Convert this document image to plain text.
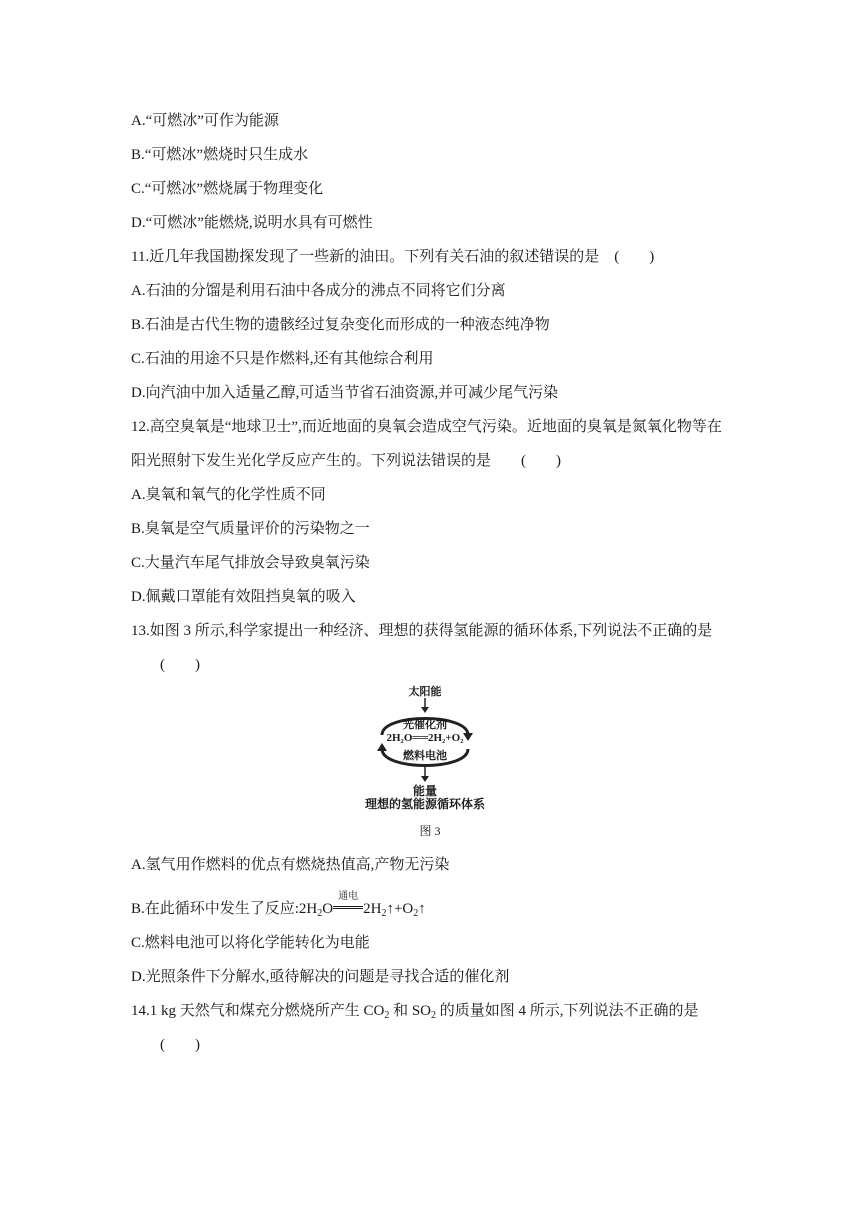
A.“可燃冰”可作为能源
B.“可燃冰”燃烧时只生成水
C.“可燃冰”燃烧属于物理变化
D.“可燃冰”能燃烧,说明水具有可燃性
11.近几年我国勘探发现了一些新的油田。下列有关石油的叙述错误的是　(　　)
A.石油的分馏是利用石油中各成分的沸点不同将它们分离
B.石油是古代生物的遗骸经过复杂变化而形成的一种液态纯净物
C.石油的用途不只是作燃料,还有其他综合利用
D.向汽油中加入适量乙醇,可适当节省石油资源,并可减少尾气污染
12.高空臭氧是“地球卫士”,而近地面的臭氧会造成空气污染。近地面的臭氧是氮氧化物等在
阳光照射下发生光化学反应产生的。下列说法错误的是　　(　　)
A.臭氧和氧气的化学性质不同
B.臭氧是空气质量评价的污染物之一
C.大量汽车尾气排放会导致臭氧污染
D.佩戴口罩能有效阻挡臭氧的吸入
13.如图 3 所示,科学家提出一种经济、理想的获得氢能源的循环体系,下列说法不正确的是
(　　)
太阳能
光催化剂
2H₂O══2H₂+O₂
燃料电池
能量
理想的氢能源循环体系
图 3
A.氢气用作燃料的优点有燃烧热值高,产物无污染
B.在此循环中发生了反应$:2H_2O$
通电
$2H_2↑+O_2↑$
C.燃料电池可以将化学能转化为电能
D.光照条件下分解水,亟待解决的问题是寻找合适的催化剂
14.1 kg 天然气和煤充分燃烧所产生 $CO_2$ 和 $SO_2$ 的质量如图 4 所示,下列说法不正确的是
(　　)
